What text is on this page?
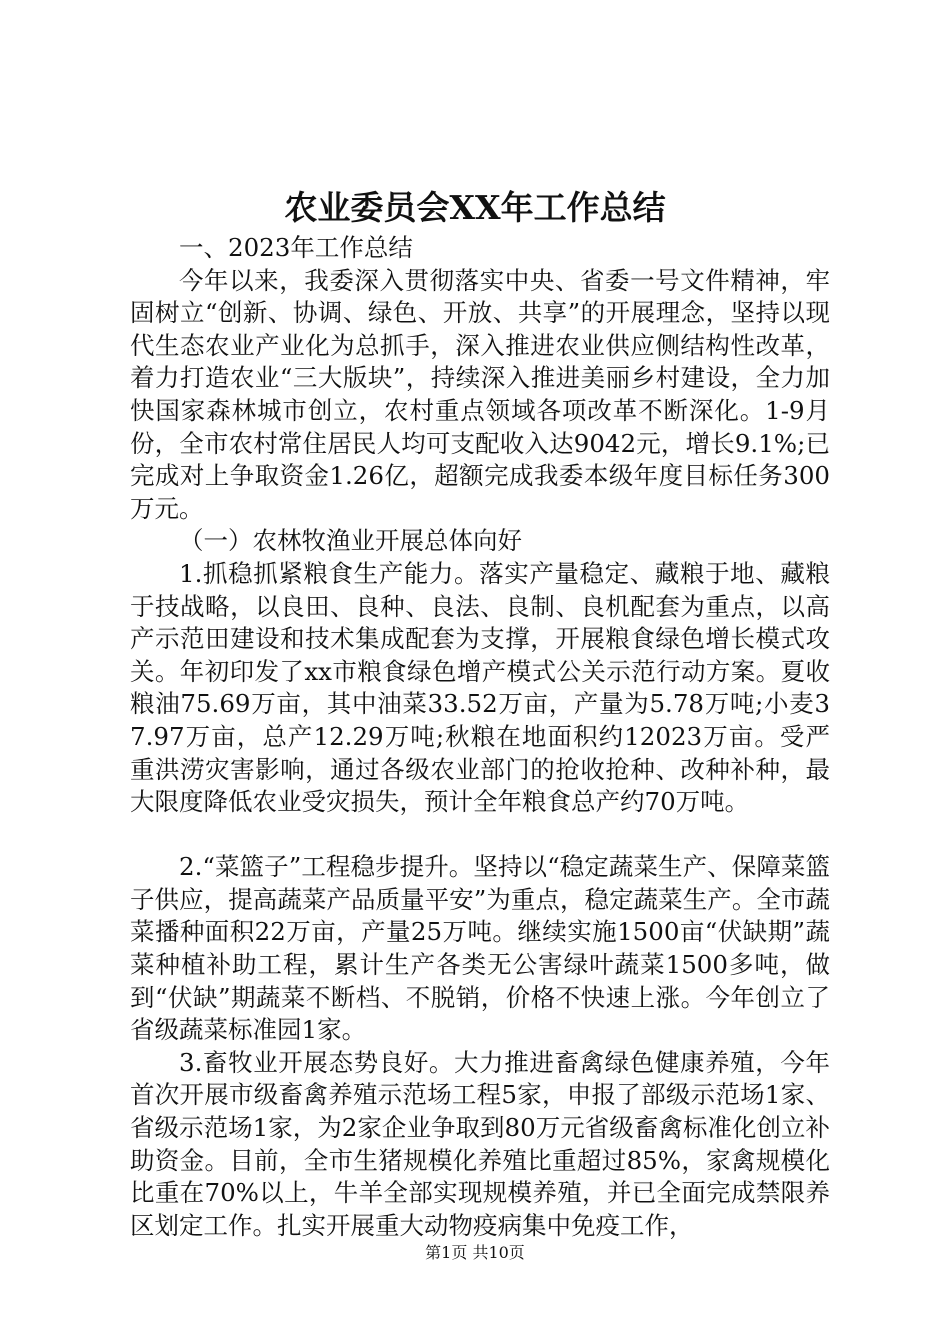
农业委员会XX年工作总结

一、2023年工作总结

今年以来，我委深入贯彻落实中央、省委一号文件精神，牢固树立“创新、协调、绿色、开放、共享”的开展理念，坚持以现代生态农业产业化为总抓手，深入推进农业供应侧结构性改革，着力打造农业“三大版块”，持续深入推进美丽乡村建设，全力加快国家森林城市创立，农村重点领域各项改革不断深化。1-9月份，全市农村常住居民人均可支配收入达9042元，增长9.1%;已完成对上争取资金1.26亿，超额完成我委本级年度目标任务300万元。

（一）农林牧渔业开展总体向好

1.抓稳抓紧粮食生产能力。落实产量稳定、藏粮于地、藏粮于技战略，以良田、良种、良法、良制、良机配套为重点，以高产示范田建设和技术集成配套为支撑，开展粮食绿色增长模式攻关。年初印发了xx市粮食绿色增产模式公关示范行动方案。夏收粮油75.69万亩，其中油菜33.52万亩，产量为5.78万吨;小麦37.97万亩，总产12.29万吨;秋粮在地面积约12023万亩。受严重洪涝灾害影响，通过各级农业部门的抢收抢种、改种补种，最大限度降低农业受灾损失，预计全年粮食总产约70万吨。

2.“菜篮子”工程稳步提升。坚持以“稳定蔬菜生产、保障菜篮子供应，提高蔬菜产品质量平安”为重点，稳定蔬菜生产。全市蔬菜播种面积22万亩，产量25万吨。继续实施1500亩“伏缺期”蔬菜种植补助工程，累计生产各类无公害绿叶蔬菜1500多吨，做到“伏缺”期蔬菜不断档、不脱销，价格不快速上涨。今年创立了省级蔬菜标准园1家。

3.畜牧业开展态势良好。大力推进畜禽绿色健康养殖，今年首次开展市级畜禽养殖示范场工程5家，申报了部级示范场1家、省级示范场1家，为2家企业争取到80万元省级畜禽标准化创立补助资金。目前，全市生猪规模化养殖比重超过85%，家禽规模化比重在70%以上，牛羊全部实现规模养殖，并已全面完成禁限养区划定工作。扎实开展重大动物疫病集中免疫工作，

第1页 共10页
